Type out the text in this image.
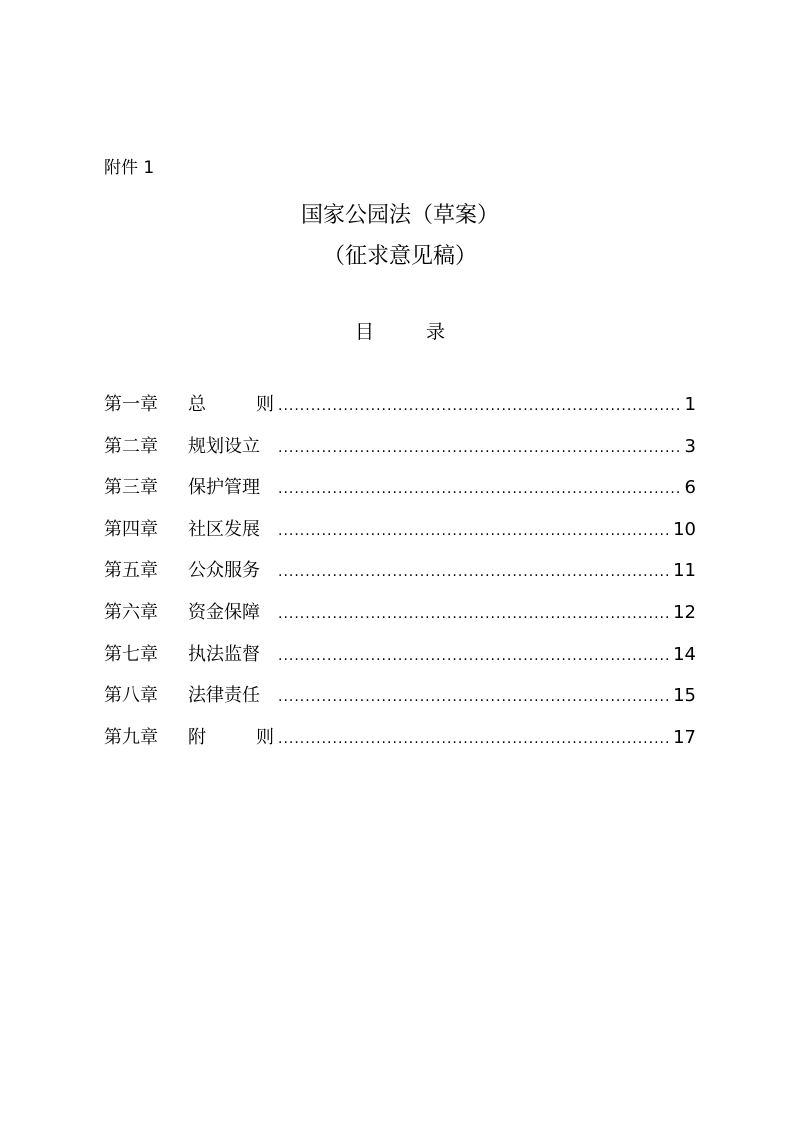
附件 1
国家公园法（草案）
（征求意见稿）
目	录
第一章	总	则 .....	1
第二章	规划设立 .....	3
第三章	保护管理 .....	6
第四章	社区发展 .....	10
第五章	公众服务 .....	11
第六章	资金保障 .....	12
第七章	执法监督 .....	14
第八章	法律责任 .....	15
第九章	附	则 .....	17
